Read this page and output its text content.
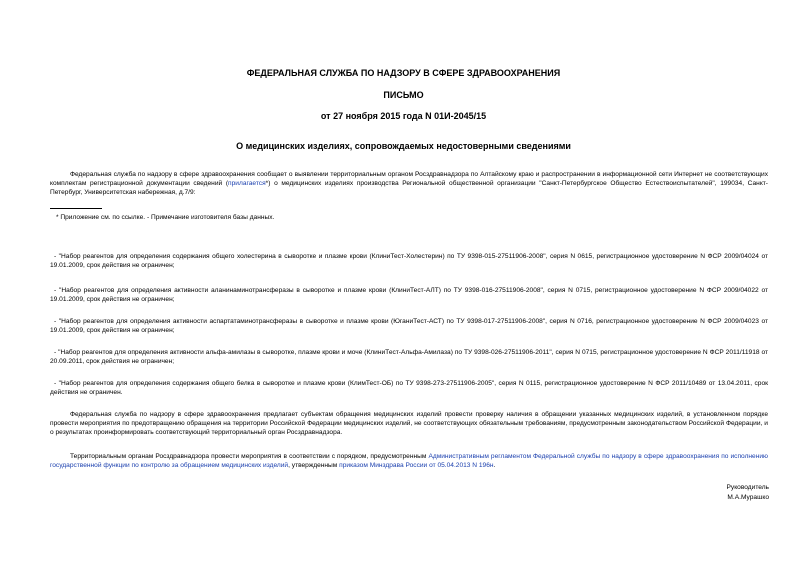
ФЕДЕРАЛЬНАЯ СЛУЖБА ПО НАДЗОРУ В СФЕРЕ ЗДРАВООХРАНЕНИЯ
ПИСЬМО
от 27 ноября 2015 года N 01И-2045/15
О медицинских изделиях, сопровождаемых недостоверными сведениями
Федеральная служба по надзору в сфере здравоохранения сообщает о выявлении территориальным органом Росздравнадзора по Алтайскому краю и распространении в информационной сети Интернет не соответствующих комплектам регистрационной документации сведений (прилагается*) о медицинских изделиях производства Региональной общественной организации "Санкт-Петербургское Общество Естествоиспытателей", 199034, Санкт-Петербург, Университетская набережная, д.7/9:
* Приложение см. по ссылке. - Примечание изготовителя базы данных.
- "Набор реагентов для определения содержания общего холестерина в сыворотке и плазме крови (КлиниТест-Холестерин) по ТУ 9398-015-27511906-2008", серия N 0615, регистрационное удостоверение N ФСР 2009/04024 от 19.01.2009, срок действия не ограничен;
- "Набор реагентов для определения активности аланинаминотрансферазы в сыворотке и плазме крови (КлиниТест-АЛТ) по ТУ 9398-016-27511906-2008", серия N 0715, регистрационное удостоверение N ФСР 2009/04022 от 19.01.2009, срок действия не ограничен;
- "Набор реагентов для определения активности аспартатаминотрансферазы в сыворотке и плазме крови (ЮганиТест-АСТ) по ТУ 9398-017-27511906-2008", серия N 0716, регистрационное удостоверение N ФСР 2009/04023 от 19.01.2009, срок действия не ограничен;
- "Набор реагентов для определения активности альфа-амилазы в сыворотке, плазме крови и моче (КлиниТест-Альфа-Амилаза) по ТУ 9398-026-27511906-2011", серия N 0715, регистрационное удостоверение N ФСР 2011/11918 от 20.09.2011, срок действия не ограничен;
- "Набор реагентов для определения содержания общего белка в сыворотке и плазме крови (КлимТест-ОБ) по ТУ 9398-273-27511906-2005", серия N 0115, регистрационное удостоверение N ФСР 2011/10489 от 13.04.2011, срок действия не ограничен.
Федеральная служба по надзору в сфере здравоохранения предлагает субъектам обращения медицинских изделий провести проверку наличия в обращении указанных медицинских изделий, в установленном порядке провести мероприятия по предотвращению обращения на территории Российской Федерации медицинских изделий, не соответствующих обязательным требованиям, предусмотренным законодательством Российской Федерации, и о результатах проинформировать соответствующий территориальный орган Росздравнадзора.
Территориальным органам Росздравнадзора провести мероприятия в соответствии с порядком, предусмотренным Административным регламентом Федеральной службы по надзору в сфере здравоохранения по исполнению государственной функции по контролю за обращением медицинских изделий, утвержденным приказом Минздрава России от 05.04.2013 N 196н.
Руководитель
М.А.Мурашко
